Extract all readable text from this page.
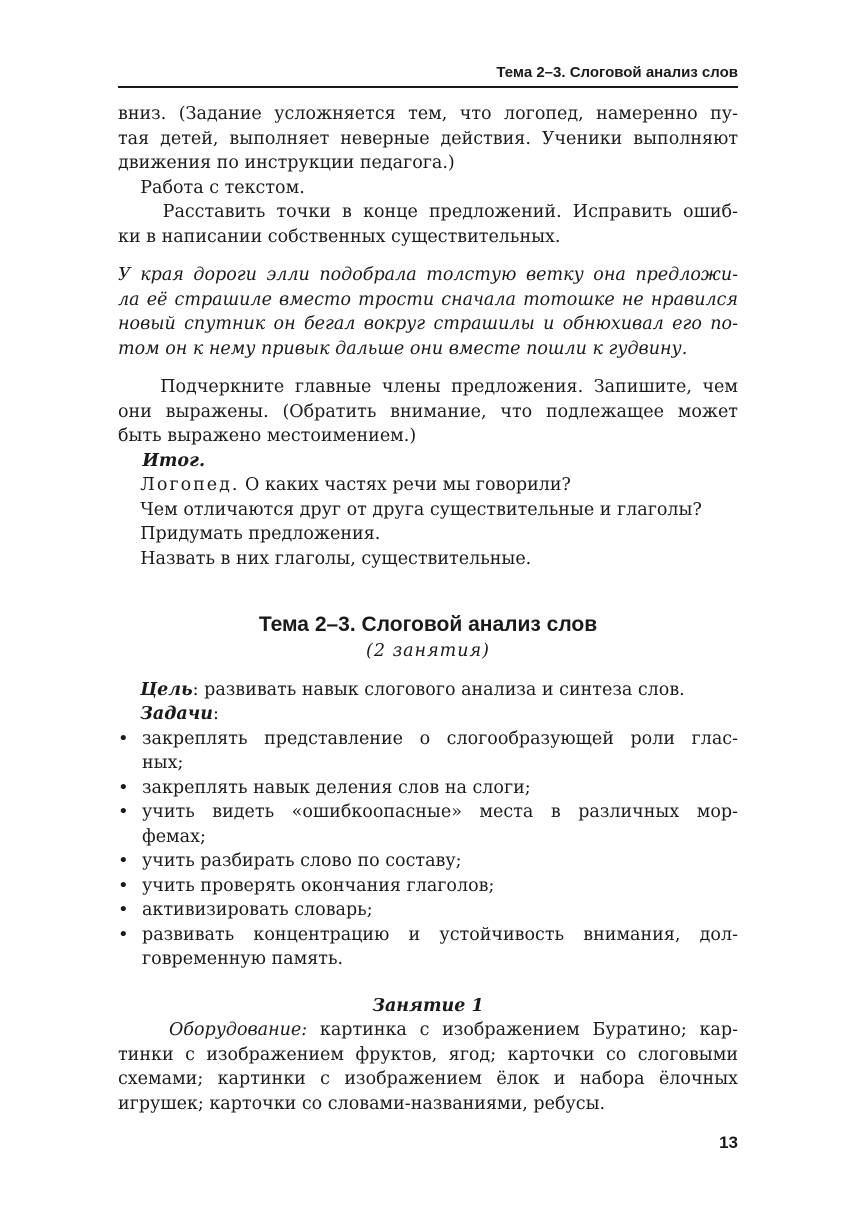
Тема 2–3. Слоговой анализ слов
вниз. (Задание усложняется тем, что логопед, намеренно пу-
тая детей, выполняет неверные действия. Ученики выполняют
движения по инструкции педагога.)
Работа с текстом.
Расставить точки в конце предложений. Исправить ошиб-
ки в написании собственных существительных.
У края дороги элли подобрала толстую ветку она предложи-
ла её страшиле вместо трости сначала тотошке не нравился
новый спутник он бегал вокруг страшилы и обнюхивал его по-
том он к нему привык дальше они вместе пошли к гудвину.
Подчеркните главные члены предложения. Запишите, чем
они выражены. (Обратить внимание, что подлежащее может
быть выражено местоимением.)
Итог.
Логопед. О каких частях речи мы говорили?
Чем отличаются друг от друга существительные и глаголы?
Придумать предложения.
Назвать в них глаголы, существительные.
Тема 2–3. Слоговой анализ слов
(2 занятия)
Цель: развивать навык слогового анализа и синтеза слов.
Задачи:
• закреплять представление о слогообразующей роли глас-
ных;
• закреплять навык деления слов на слоги;
• учить видеть «ошибкоопасные» места в различных мор-
фемах;
• учить разбирать слово по составу;
• учить проверять окончания глаголов;
• активизировать словарь;
• развивать концентрацию и устойчивость внимания, дол-
говременную память.
Занятие 1
Оборудование: картинка с изображением Буратино; кар-
тинки с изображением фруктов, ягод; карточки со слоговыми
схемами; картинки с изображением ёлок и набора ёлочных
игрушек; карточки со словами-названиями, ребусы.
13
